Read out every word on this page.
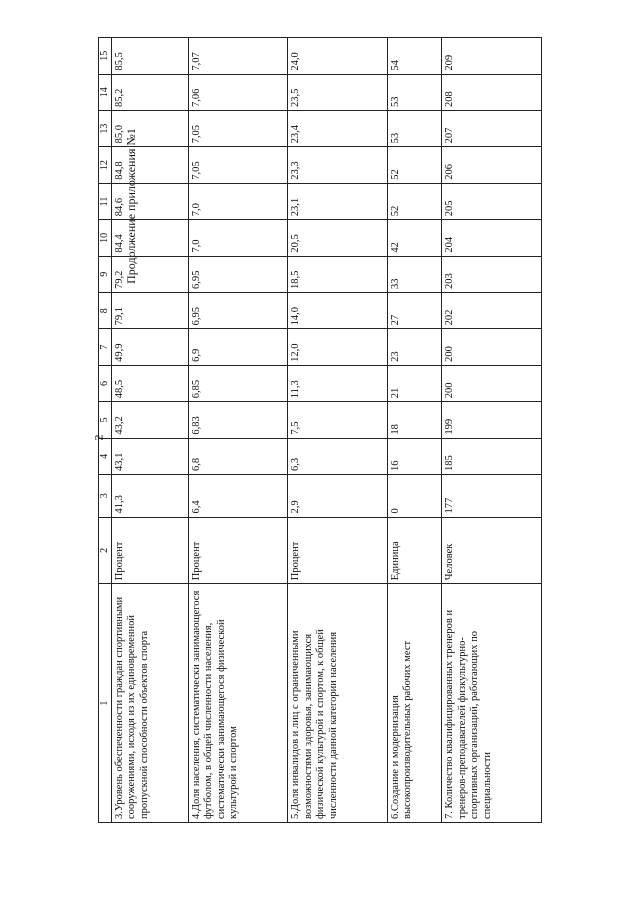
2
Продолжение приложения №1
1	2	3	4	5	6	7	8	9	10	11	12	13	14	15
3.Уровень обеспеченности граждан спортивными сооружениями, исходя из их единовременной пропускной способности объектов спорта	Процент	41,3	43,1	43,2	48,5	49,9	79,1	79,2	84,4	84,6	84,8	85,0	85,2	85,5
4.Доля населения, систематически занимающегося футболом, в общей численности населения, систематически занимающегося физической культурой и спортом	Процент	6,4	6,8	6,83	6,85	6,9	6,95	6,95	7,0	7,0	7,05	7,05	7,06	7,07
5.Доля инвалидов и лиц с ограниченными возможностями здоровья, занимающихся физической культурой и спортом, к общей численности данной категории населения	Процент	2,9	6,3	7,5	11,3	12,0	14,0	18,5	20,5	23,1	23,3	23,4	23,5	24,0
6.Создание и модернизация высокопроизводительных рабочих мест	Единица	0	16	18	21	23	27	33	42	52	52	53	53	54
7. Количество квалифицированных тренеров и тренеров-преподавателей физкультурно-спортивных организаций, работающих по специальности	Человек	177	185	199	200	200	202	203	204	205	206	207	208	209
